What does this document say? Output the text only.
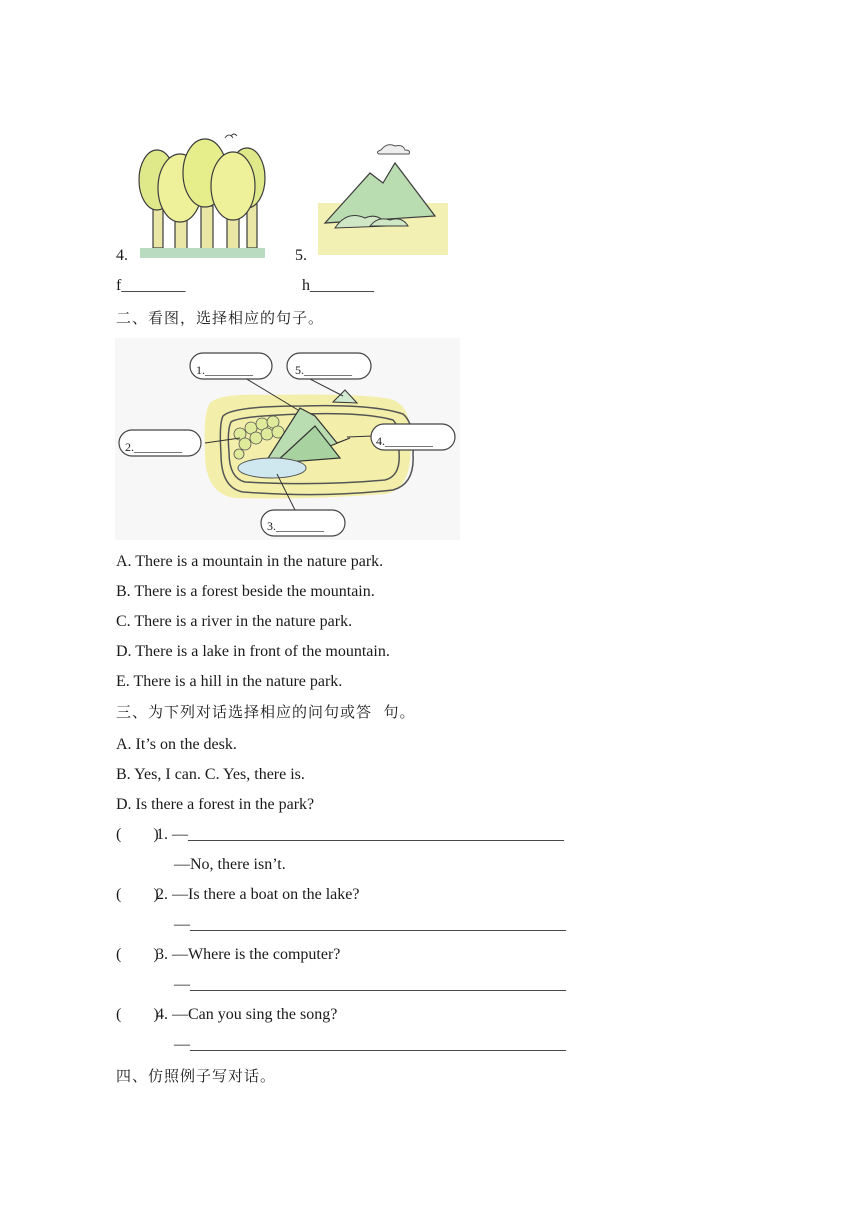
4.	5.
f________	h________
二、看图，选择相应的句子。
1.________	5.________
2.________	4.________
3.________
A. There is a mountain in the nature park.
B. There is a forest beside the mountain.
C. There is a river in the nature park.
D. There is a lake in front of the mountain.
E. There is a hill in the nature park.
三、为下列对话选择相应的问句或答  句。
A. It’s on the desk.
B. Yes, I can. C. Yes, there is.
D. Is there a forest in the park?
(        )
1. —_______________________________________________
—No, there isn’t.
(        )
2. —Is there a boat on the lake?
—_______________________________________________
(        )
3. —Where is the computer?
—_______________________________________________
(        )
4. —Can you sing the song?
—_______________________________________________
四、仿照例子写对话。
